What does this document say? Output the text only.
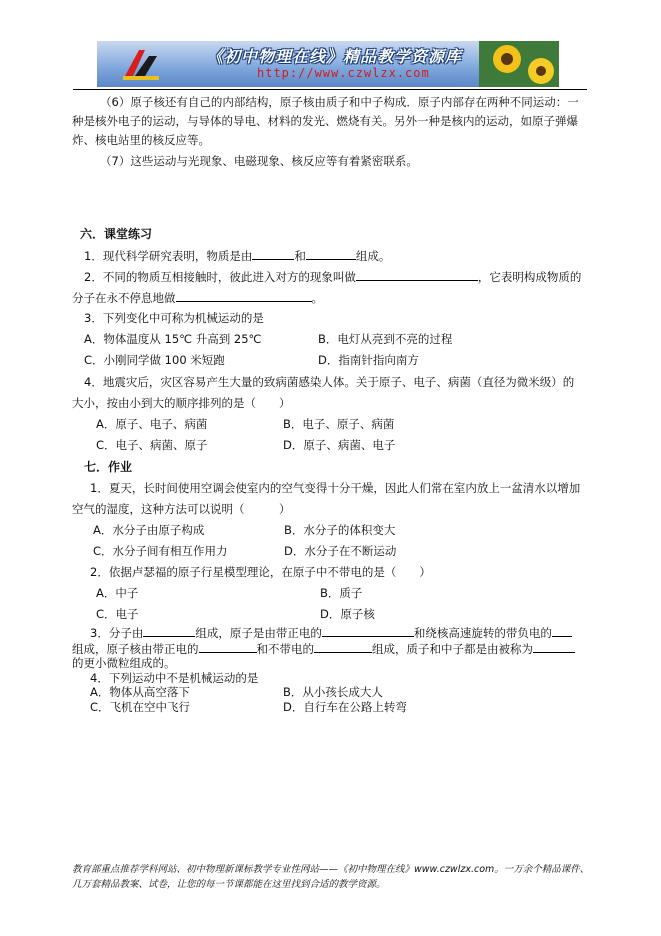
《初中物理在线》精品教学资源库
http://www.czwlzx.com
（6）原子核还有自己的内部结构，原子核由质子和中子构成．原子内部存在两种不同运动：一
种是核外电子的运动，与导体的导电、材料的发光、燃烧有关。另外一种是核内的运动，如原子弹爆
炸、核电站里的核反应等。
（7）这些运动与光现象、电磁现象、核反应等有着紧密联系。
六．课堂练习
1．现代科学研究表明，物质是由	和	组成。
2．不同的物质互相接触时，彼此进入对方的现象叫做	，它表明构成物质的
分子在永不停息地做	。
3．下列变化中可称为机械运动的是
A．物体温度从 15℃ 升高到 25℃	B．电灯从亮到不亮的过程
C．小刚同学做 100 米短跑	D．指南针指向南方
4．地震灾后，灾区容易产生大量的致病菌感染人体。关于原子、电子、病菌（直径为微米级）的
大小，按由小到大的顺序排列的是（　　）
A．原子、电子、病菌	B．电子、原子、病菌
C．电子、病菌、原子	D．原子、病菌、电子
七．作业
1．夏天，长时间使用空调会使室内的空气变得十分干燥，因此人们常在室内放上一盆清水以增加
空气的湿度，这种方法可以说明（　　　）
A．水分子由原子构成	B．水分子的体积变大
C．水分子间有相互作用力	D．水分子在不断运动
2．依据卢瑟福的原子行星模型理论，在原子中不带电的是（　　）
A．中子	B．质子
C．电子	D．原子核
3．分子由	组成，原子是由带正电的	和绕核高速旋转的带负电的
组成，原子核由带正电的	和不带电的	组成，质子和中子都是由被称为
的更小微粒组成的。
4．下列运动中不是机械运动的是
A．物体从高空落下	B．从小孩长成大人
C．飞机在空中飞行	D．自行车在公路上转弯
教育部重点推荐学科网站、初中物理新课标教学专业性网站——《初中物理在线》www.czwlzx.com。一万余个精品课件、
几万套精品教案、试卷，让您的每一节课都能在这里找到合适的教学资源。
